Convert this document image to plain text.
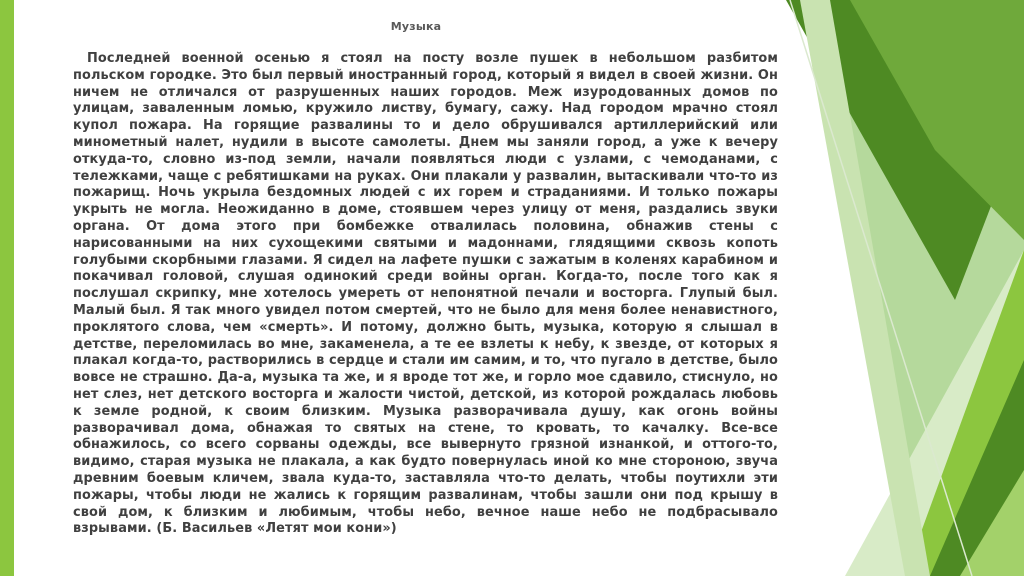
Музыка

Последней военной осенью я стоял на посту возле пушек в небольшом разбитом польском городке. Это был первый иностранный город, который я видел в своей жизни. Он ничем не отличался от разрушенных наших городов. Меж изуродованных домов по улицам, заваленным ломью, кружило листву, бумагу, сажу. Над городом мрачно стоял купол пожара. На горящие развалины то и дело обрушивался артиллерийский или минометный налет, нудили в высоте самолеты. Днем мы заняли город, а уже к вечеру откуда-то, словно из-под земли, начали появляться люди с узлами, с чемоданами, с тележками, чаще с ребятишками на руках. Они плакали у развалин, вытаскивали что-то из пожарищ. Ночь укрыла бездомных людей с их горем и страданиями. И только пожары укрыть не могла. Неожиданно в доме, стоявшем через улицу от меня, раздались звуки органа. От дома этого при бомбежке отвалилась половина, обнажив стены с нарисованными на них сухощекими святыми и мадоннами, глядящими сквозь копоть голубыми скорбными глазами. Я сидел на лафете пушки с зажатым в коленях карабином и покачивал головой, слушая одинокий среди войны орган. Когда-то, после того как я послушал скрипку, мне хотелось умереть от непонятной печали и восторга. Глупый был. Малый был. Я так много увидел потом смертей, что не было для меня более ненавистного, проклятого слова, чем «смерть». И потому, должно быть, музыка, которую я слышал в детстве, переломилась во мне, закаменела, а те ее взлеты к небу, к звезде, от которых я плакал когда-то, растворились в сердце и стали им самим, и то, что пугало в детстве, было вовсе не страшно. Да-а, музыка та же, и я вроде тот же, и горло мое сдавило, стиснуло, но нет слез, нет детского восторга и жалости чистой, детской, из которой рождалась любовь к земле родной, к своим близким. Музыка разворачивала душу, как огонь войны разворачивал дома, обнажая то святых на стене, то кровать, то качалку. Все-все обнажилось, со всего сорваны одежды, все вывернуто грязной изнанкой, и оттого-то, видимо, старая музыка не плакала, а как будто повернулась иной ко мне стороною, звуча древним боевым кличем, звала куда-то, заставляла что-то делать, чтобы поутихли эти пожары, чтобы люди не жались к горящим развалинам, чтобы зашли они под крышу в свой дом, к близким и любимым, чтобы небо, вечное наше небо не подбрасывало взрывами. (Б. Васильев «Летят мои кони»)
